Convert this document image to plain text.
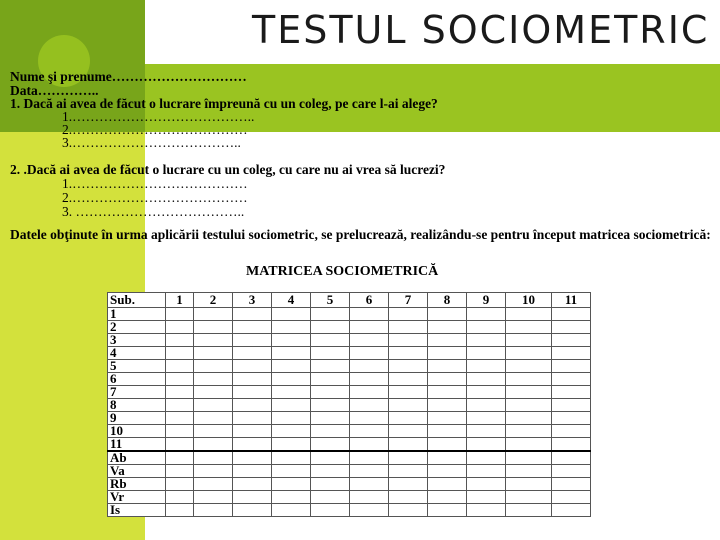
TESTUL SOCIOMETRIC
Nume şi prenume…………………………
Data…………..
1. Dacă ai avea de făcut o lucrare împreună cu un coleg, pe care l-ai alege?
1.…………………………………..
2.…………………………………
3.………………………………..
2. .Dacă ai avea de făcut o lucrare cu un coleg, cu care nu ai vrea să lucrezi?
1.…………………………………
2.…………………………………
3. ………………………………..
Datele obţinute în urma aplicării testului sociometric, se prelucrează, realizându-se pentru început matricea sociometrică:
MATRICEA SOCIOMETRICĂ
Sub.	1	2	3	4	5	6	7	8	9	10	11
1											
2											
3											
4											
5											
6											
7											
8											
9											
10											
11											
Ab											
Va											
Rb											
Vr											
Is											
